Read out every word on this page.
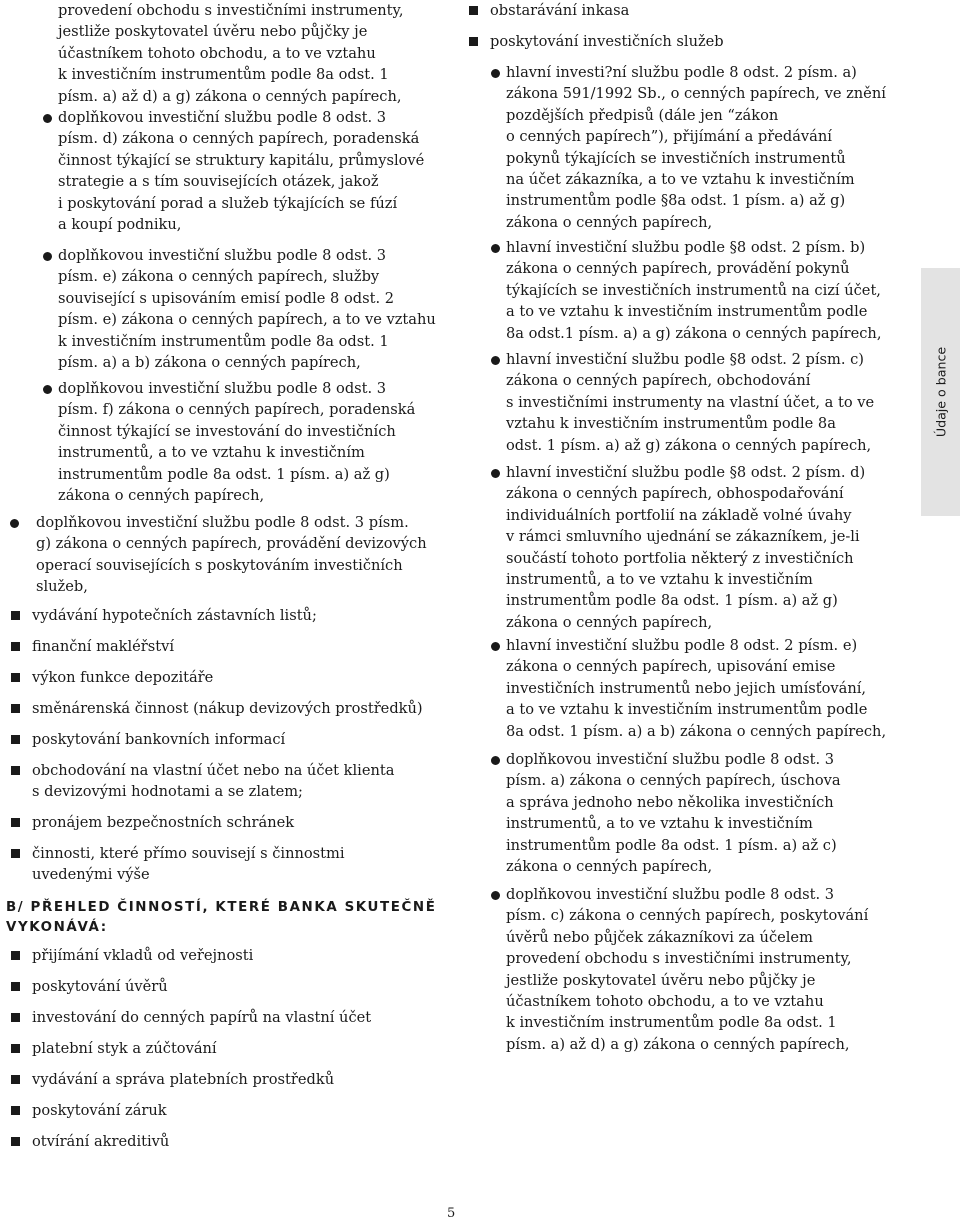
provedení obchodu s investičními instrumenty,
jestliže poskytovatel úvěru nebo půjčky je
účastníkem tohoto obchodu, a to ve vztahu
k investičním instrumentům podle 8a odst. 1
písm. a) až d) a g) zákona o cenných papírech,
doplňkovou investiční službu podle 8 odst. 3
písm. d) zákona o cenných papírech, poradenská
činnost týkající se struktury kapitálu, průmyslové
strategie a s tím souvisejících otázek, jakož
i poskytování porad a služeb týkajících se fúzí
a koupí podniku,
doplňkovou investiční službu podle 8 odst. 3
písm. e) zákona o cenných papírech, služby
související s upisováním emisí podle 8 odst. 2
písm. e) zákona o cenných papírech, a to ve vztahu
k investičním instrumentům podle 8a odst. 1
písm. a) a b) zákona o cenných papírech,
doplňkovou investiční službu podle 8 odst. 3
písm. f) zákona o cenných papírech, poradenská
činnost týkající se investování do investičních
instrumentů, a to ve vztahu k investičním
instrumentům podle 8a odst. 1 písm. a) až g)
zákona o cenných papírech,
doplňkovou investiční službu podle 8 odst. 3 písm.
g) zákona o cenných papírech, provádění devizových
operací souvisejících s poskytováním investičních
služeb,
vydávání hypotečních zástavních listů;
finanční makléřství
výkon funkce depozitáře
směnárenská činnost (nákup devizových prostředků)
poskytování bankovních informací
obchodování na vlastní účet nebo na účet klienta
s devizovými hodnotami a se zlatem;
pronájem bezpečnostních schránek
činnosti, které přímo souvisejí s činnostmi
uvedenými výše
B/ PŘEHLED ČINNOSTÍ, KTERÉ BANKA SKUTEČNĚ
VYKONÁVÁ:
přijímání vkladů od veřejnosti
poskytování úvěrů
investování do cenných papírů na vlastní účet
platební styk a zúčtování
vydávání a správa platebních prostředků
poskytování záruk
otvírání akreditivů
obstarávání inkasa
poskytování investičních služeb
hlavní investi?ní službu podle 8 odst. 2 písm. a)
zákona 591/1992 Sb., o cenných papírech, ve znění
pozdějších předpisů (dále jen “zákon
o cenných papírech”), přijímání a předávání
pokynů týkajících se investičních instrumentů
na účet zákazníka, a to ve vztahu k investičním
instrumentům podle §8a odst. 1 písm. a) až g)
zákona o cenných papírech,
hlavní investiční službu podle §8 odst. 2 písm. b)
zákona o cenných papírech, provádění pokynů
týkajících se investičních instrumentů na cizí účet,
a to ve vztahu k investičním instrumentům podle
8a odst.1 písm. a) a g) zákona o cenných papírech,
hlavní investiční službu podle §8 odst. 2 písm. c)
zákona o cenných papírech, obchodování
s investičními instrumenty na vlastní účet, a to ve
vztahu k investičním instrumentům podle 8a
odst. 1 písm. a) až g) zákona o cenných papírech,
hlavní investiční službu podle §8 odst. 2 písm. d)
zákona o cenných papírech, obhospodařování
individuálních portfolií na základě volné úvahy
v rámci smluvního ujednání se zákazníkem, je-li
součástí tohoto portfolia některý z investičních
instrumentů, a to ve vztahu k investičním
instrumentům podle 8a odst. 1 písm. a) až g)
zákona o cenných papírech,
hlavní investiční službu podle 8 odst. 2 písm. e)
zákona o cenných papírech, upisování emise
investičních instrumentů nebo jejich umísťování,
a to ve vztahu k investičním instrumentům podle
8a odst. 1 písm. a) a b) zákona o cenných papírech,
doplňkovou investiční službu podle 8 odst. 3
písm. a) zákona o cenných papírech, úschova
a správa jednoho nebo několika investičních
instrumentů, a to ve vztahu k investičním
instrumentům podle 8a odst. 1 písm. a) až c)
zákona o cenných papírech,
doplňkovou investiční službu podle 8 odst. 3
písm. c) zákona o cenných papírech, poskytování
úvěrů nebo půjček zákazníkovi za účelem
provedení obchodu s investičními instrumenty,
jestliže poskytovatel úvěru nebo půjčky je
účastníkem tohoto obchodu, a to ve vztahu
k investičním instrumentům podle 8a odst. 1
písm. a) až d) a g) zákona o cenných papírech,
Údaje o bance
5
